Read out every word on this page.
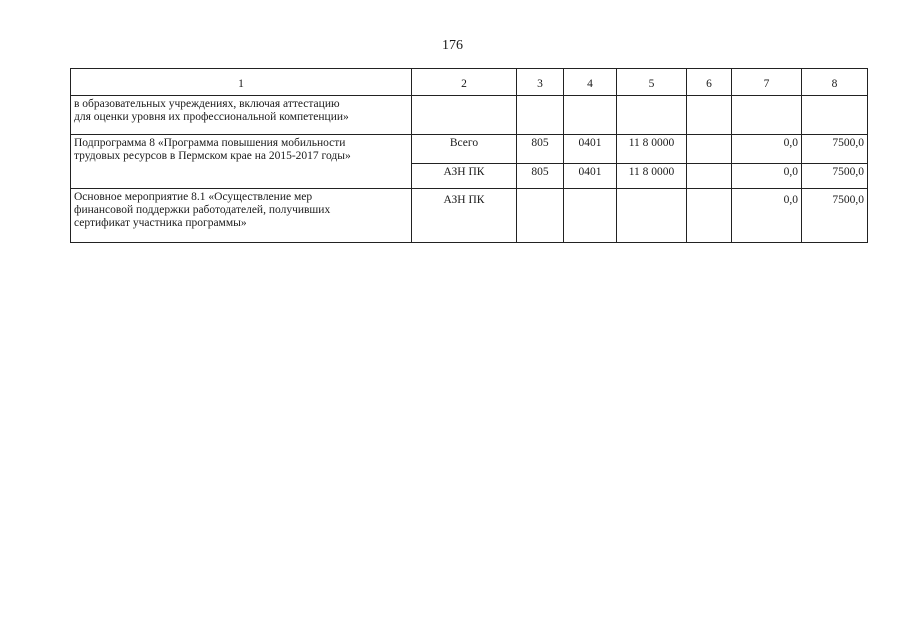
176
1	2	3	4	5	6	7	8

в образовательных учреждениях, включая аттестацию
для оценки уровня их профессиональной компетенции»							

Подпрограмма 8 «Программа повышения мобильности
трудовых ресурсов в Пермском крае на 2015-2017 годы»	Всего	805	0401	11 8 0000		0,0	7500,0
	АЗН ПК	805	0401	11 8 0000		0,0	7500,0

Основное мероприятие 8.1 «Осуществление мер
финансовой поддержки работодателей, получивших
сертификат участника программы»	АЗН ПК					0,0	7500,0
